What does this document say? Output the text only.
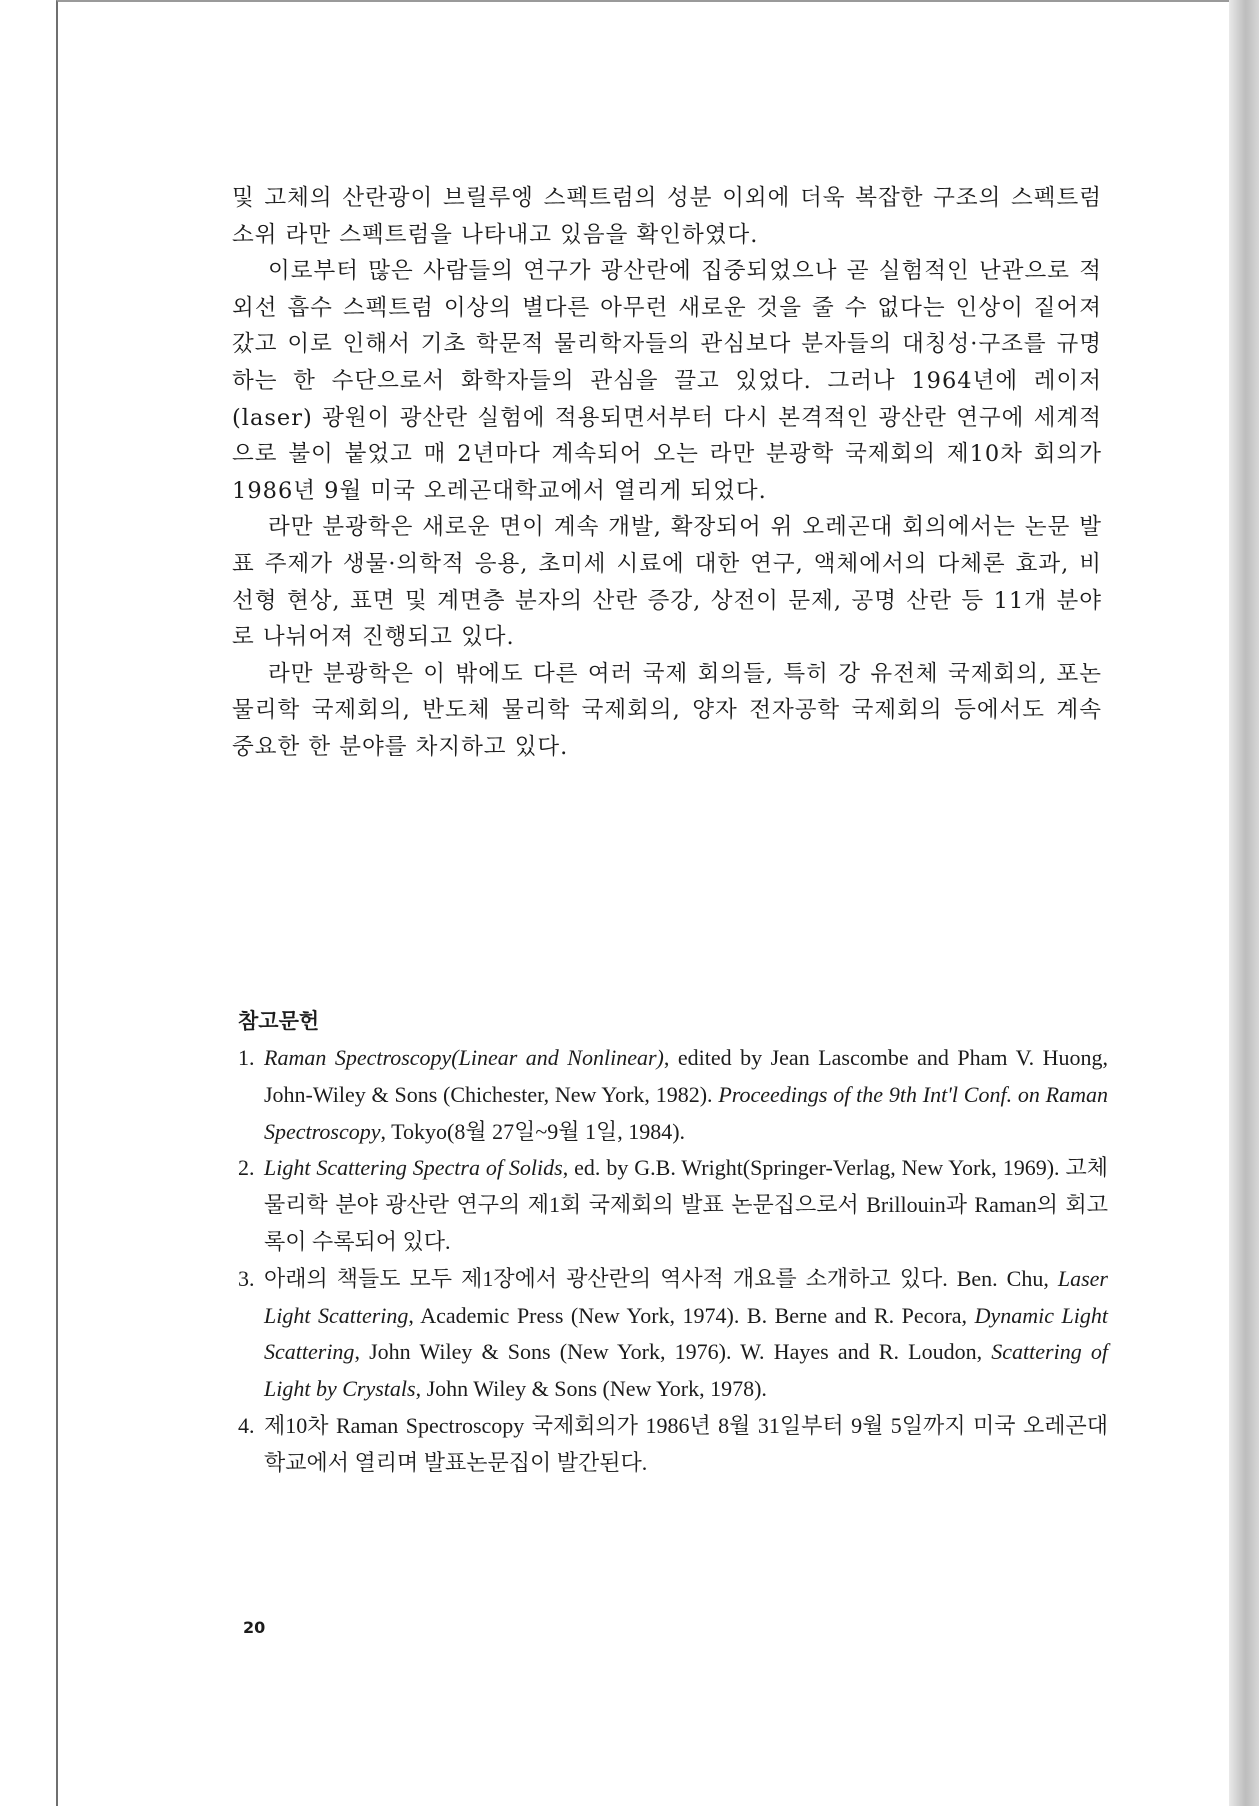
및 고체의 산란광이 브릴루엥 스펙트럼의 성분 이외에 더욱 복잡한 구조의 스펙트럼 소위 라만 스펙트럼을 나타내고 있음을 확인하였다.

이로부터 많은 사람들의 연구가 광산란에 집중되었으나 곧 실험적인 난관으로 적외선 흡수 스펙트럼 이상의 별다른 아무런 새로운 것을 줄 수 없다는 인상이 짙어져 갔고 이로 인해서 기초 학문적 물리학자들의 관심보다 분자들의 대칭성·구조를 규명하는 한 수단으로서 화학자들의 관심을 끌고 있었다. 그러나 1964년에 레이저(laser) 광원이 광산란 실험에 적용되면서부터 다시 본격적인 광산란 연구에 세계적으로 불이 붙었고 매 2년마다 계속되어 오는 라만 분광학 국제회의 제10차 회의가 1986년 9월 미국 오레곤대학교에서 열리게 되었다.

라만 분광학은 새로운 면이 계속 개발, 확장되어 위 오레곤대 회의에서는 논문 발표 주제가 생물·의학적 응용, 초미세 시료에 대한 연구, 액체에서의 다체론 효과, 비선형 현상, 표면 및 계면층 분자의 산란 증강, 상전이 문제, 공명 산란 등 11개 분야로 나뉘어져 진행되고 있다.

라만 분광학은 이 밖에도 다른 여러 국제 회의들, 특히 강 유전체 국제회의, 포논 물리학 국제회의, 반도체 물리학 국제회의, 양자 전자공학 국제회의 등에서도 계속 중요한 한 분야를 차지하고 있다.

참고문헌
1. Raman Spectroscopy(Linear and Nonlinear), edited by Jean Lascombe and Pham V. Huong, John-Wiley & Sons (Chichester, New York, 1982). Proceedings of the 9th Int'l Conf. on Raman Spectroscopy, Tokyo(8월 27일~9월 1일, 1984).
2. Light Scattering Spectra of Solids, ed. by G.B. Wright(Springer-Verlag, New York, 1969). 고체 물리학 분야 광산란 연구의 제1회 국제회의 발표 논문집으로서 Brillouin과 Raman의 회고록이 수록되어 있다.
3. 아래의 책들도 모두 제1장에서 광산란의 역사적 개요를 소개하고 있다. Ben. Chu, Laser Light Scattering, Academic Press (New York, 1974). B. Berne and R. Pecora, Dynamic Light Scattering, John Wiley & Sons (New York, 1976). W. Hayes and R. Loudon, Scattering of Light by Crystals, John Wiley & Sons (New York, 1978).
4. 제10차 Raman Spectroscopy 국제회의가 1986년 8월 31일부터 9월 5일까지 미국 오레곤대학교에서 열리며 발표논문집이 발간된다.
20
